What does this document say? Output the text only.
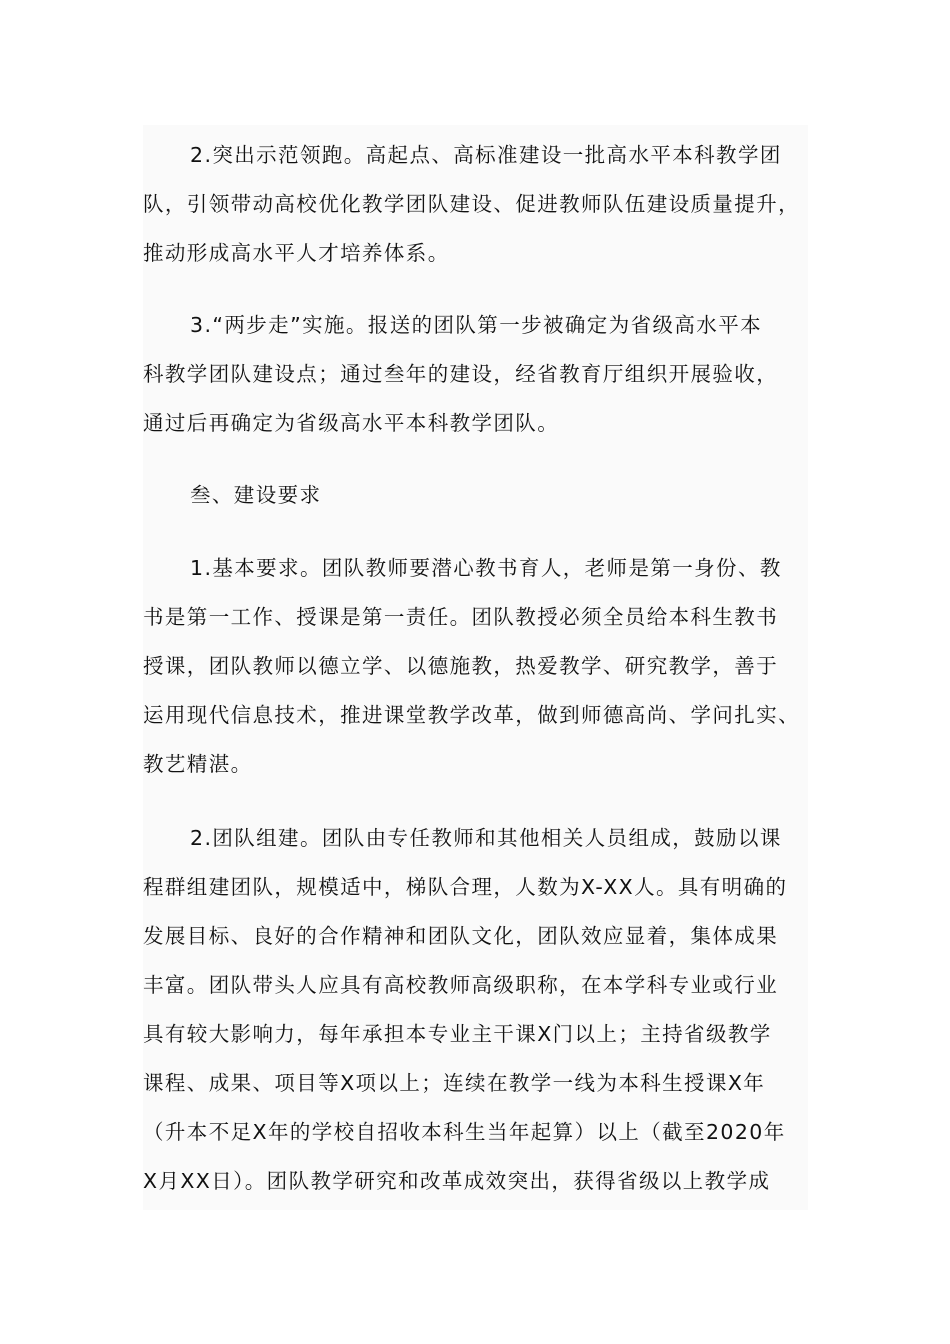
2.突出示范领跑。高起点、高标准建设一批高水平本科教学团
队，引领带动高校优化教学团队建设、促进教师队伍建设质量提升，
推动形成高水平人才培养体系。
3.“两步走”实施。报送的团队第一步被确定为省级高水平本
科教学团队建设点；通过叁年的建设，经省教育厅组织开展验收，
通过后再确定为省级高水平本科教学团队。
叁、建设要求
1.基本要求。团队教师要潜心教书育人，老师是第一身份、教
书是第一工作、授课是第一责任。团队教授必须全员给本科生教书
授课，团队教师以德立学、以德施教，热爱教学、研究教学，善于
运用现代信息技术，推进课堂教学改革，做到师德高尚、学问扎实、
教艺精湛。
2.团队组建。团队由专任教师和其他相关人员组成，鼓励以课
程群组建团队，规模适中，梯队合理，人数为X-XX人。具有明确的
发展目标、良好的合作精神和团队文化，团队效应显着，集体成果
丰富。团队带头人应具有高校教师高级职称，在本学科专业或行业
具有较大影响力，每年承担本专业主干课X门以上；主持省级教学
课程、成果、项目等X项以上；连续在教学一线为本科生授课X年
（升本不足X年的学校自招收本科生当年起算）以上（截至2020年
X月XX日）。团队教学研究和改革成效突出，获得省级以上教学成
